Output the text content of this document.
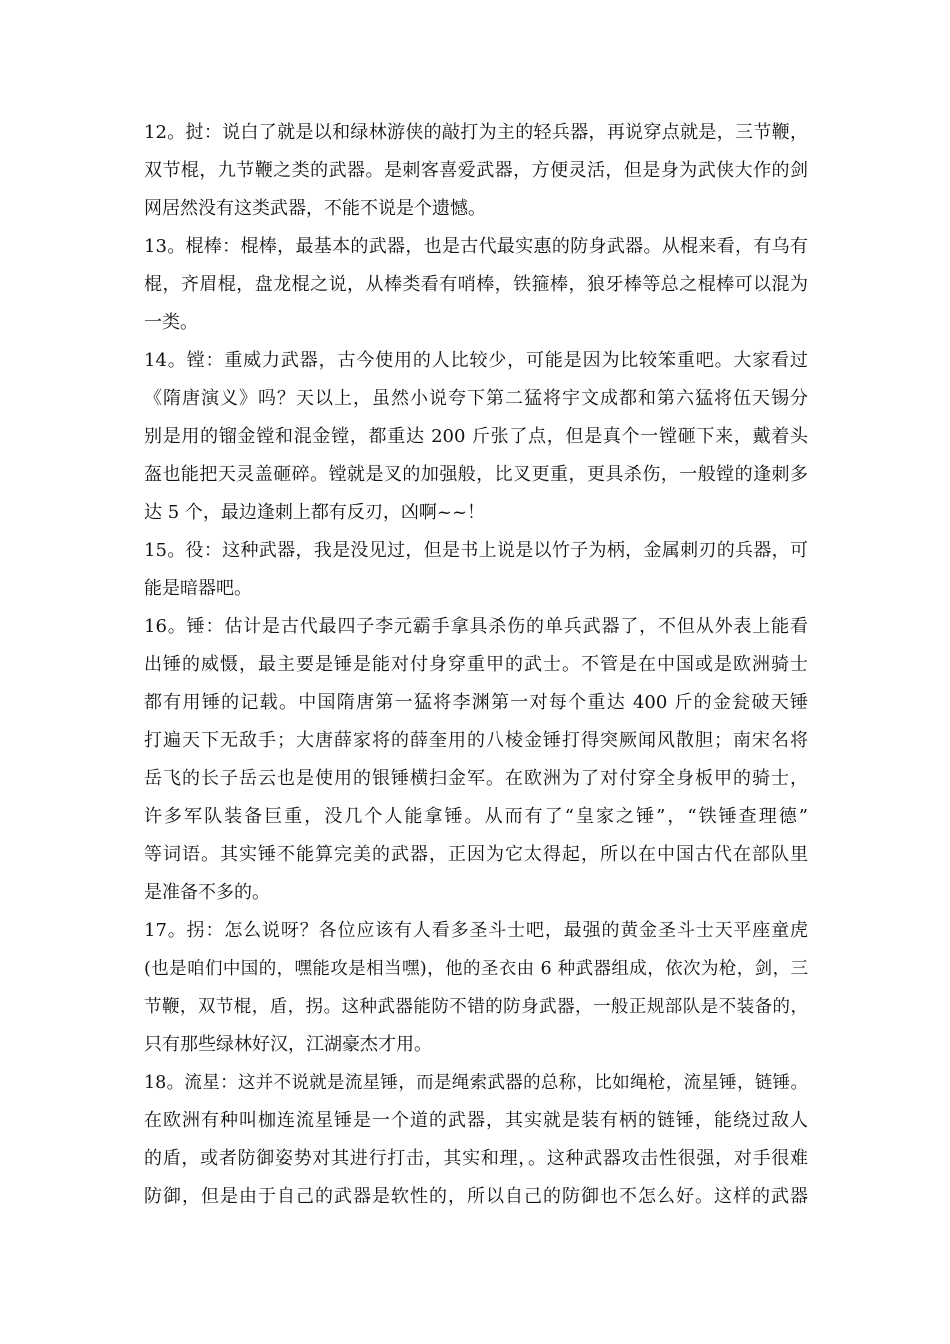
12。挝：说白了就是以和绿林游侠的敲打为主的轻兵器，再说穿点就是，三节鞭，
双节棍，九节鞭之类的武器。是刺客喜爱武器，方便灵活，但是身为武侠大作的剑
网居然没有这类武器，不能不说是个遗憾。
13。棍棒：棍棒，最基本的武器，也是古代最实惠的防身武器。从棍来看，有乌有
棍，齐眉棍，盘龙棍之说，从棒类看有哨棒，铁箍棒，狼牙棒等总之棍棒可以混为
一类。
14。镗：重威力武器，古今使用的人比较少，可能是因为比较笨重吧。大家看过
《隋唐演义》吗？天以上，虽然小说夸下第二猛将宇文成都和第六猛将伍天锡分
别是用的镏金镗和混金镗，都重达 200 斤张了点，但是真个一镗砸下来，戴着头
盔也能把天灵盖砸碎。镗就是叉的加强般，比叉更重，更具杀伤，一般镗的逢刺多
达 5 个，最边逢刺上都有反刃，凶啊~~！
15。役：这种武器，我是没见过，但是书上说是以竹子为柄，金属刺刃的兵器，可
能是暗器吧。
16。锤：估计是古代最四子李元霸手拿具杀伤的单兵武器了，不但从外表上能看
出锤的威慑，最主要是锤是能对付身穿重甲的武士。不管是在中国或是欧洲骑士
都有用锤的记载。中国隋唐第一猛将李渊第一对每个重达 400 斤的金瓮破天锤
打遍天下无敌手；大唐薛家将的薛奎用的八棱金锤打得突厥闻风散胆；南宋名将
岳飞的长子岳云也是使用的银锤横扫金军。在欧洲为了对付穿全身板甲的骑士，
许多军队装备巨重，没几个人能拿锤。从而有了“皇家之锤”，“铁锤查理德”
等词语。其实锤不能算完美的武器，正因为它太得起，所以在中国古代在部队里
是准备不多的。
17。拐：怎么说呀？各位应该有人看多圣斗士吧，最强的黄金圣斗士天平座童虎
(也是咱们中国的，嘿能攻是相当嘿)，他的圣衣由 6 种武器组成，依次为枪，剑，三
节鞭，双节棍，盾，拐。这种武器能防不错的防身武器，一般正规部队是不装备的，
只有那些绿林好汉，江湖豪杰才用。
18。流星：这并不说就是流星锤，而是绳索武器的总称，比如绳枪，流星锤，链锤。
在欧洲有种叫枷连流星锤是一个道的武器，其实就是装有柄的链锤，能绕过敌人
的盾，或者防御姿势对其进行打击，其实和理，。这种武器攻击性很强，对手很难
防御，但是由于自己的武器是软性的，所以自己的防御也不怎么好。这样的武器
